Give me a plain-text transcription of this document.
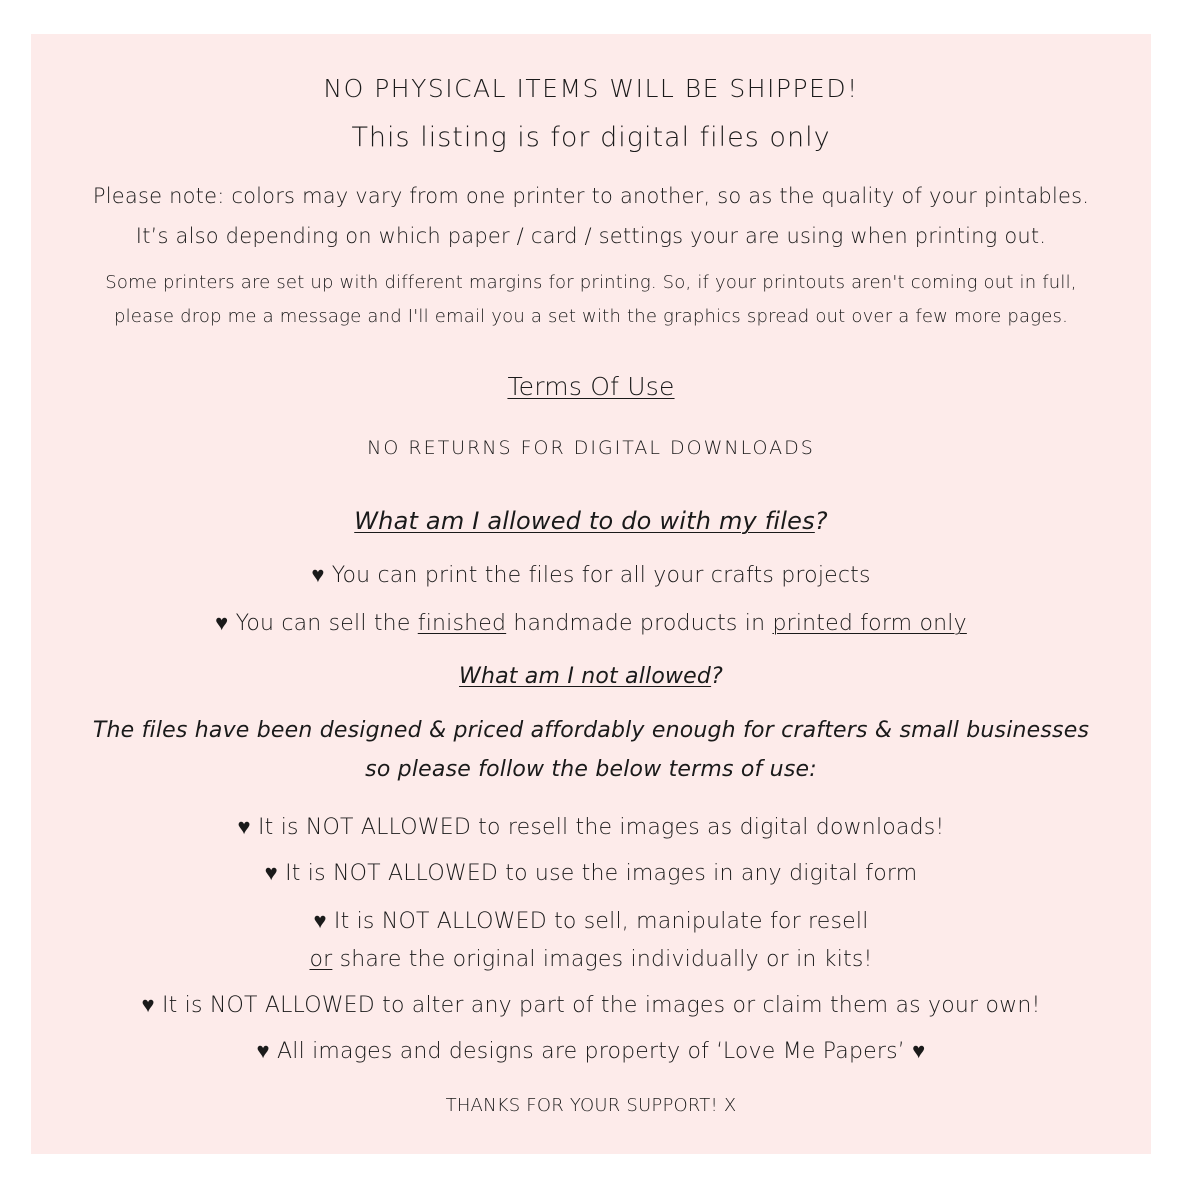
NO PHYSICAL ITEMS WILL BE SHIPPED!
This listing is for digital files only
Please note: colors may vary from one printer to another, so as the quality of your pintables.
It’s also depending on which paper / card / settings your are using when printing out.
Some printers are set up with different margins for printing. So, if your printouts aren't coming out in full,
please drop me a message and I'll email you a set with the graphics spread out over a few more pages.
Terms Of Use
NO RETURNS FOR DIGITAL DOWNLOADS
What am I allowed to do with my files?
♥ You can print the files for all your crafts projects
♥ You can sell the finished handmade products in printed form only
What am I not allowed?
The files have been designed & priced affordably enough for crafters & small businesses
so please follow the below terms of use:
♥ It is NOT ALLOWED to resell the images as digital downloads!
♥ It is NOT ALLOWED to use the images in any digital form
♥ It is NOT ALLOWED to sell, manipulate for resell
or share the original images individually or in kits!
♥ It is NOT ALLOWED to alter any part of the images or claim them as your own!
♥ All images and designs are property of ‘Love Me Papers’ ♥
THANKS FOR YOUR SUPPORT! X
